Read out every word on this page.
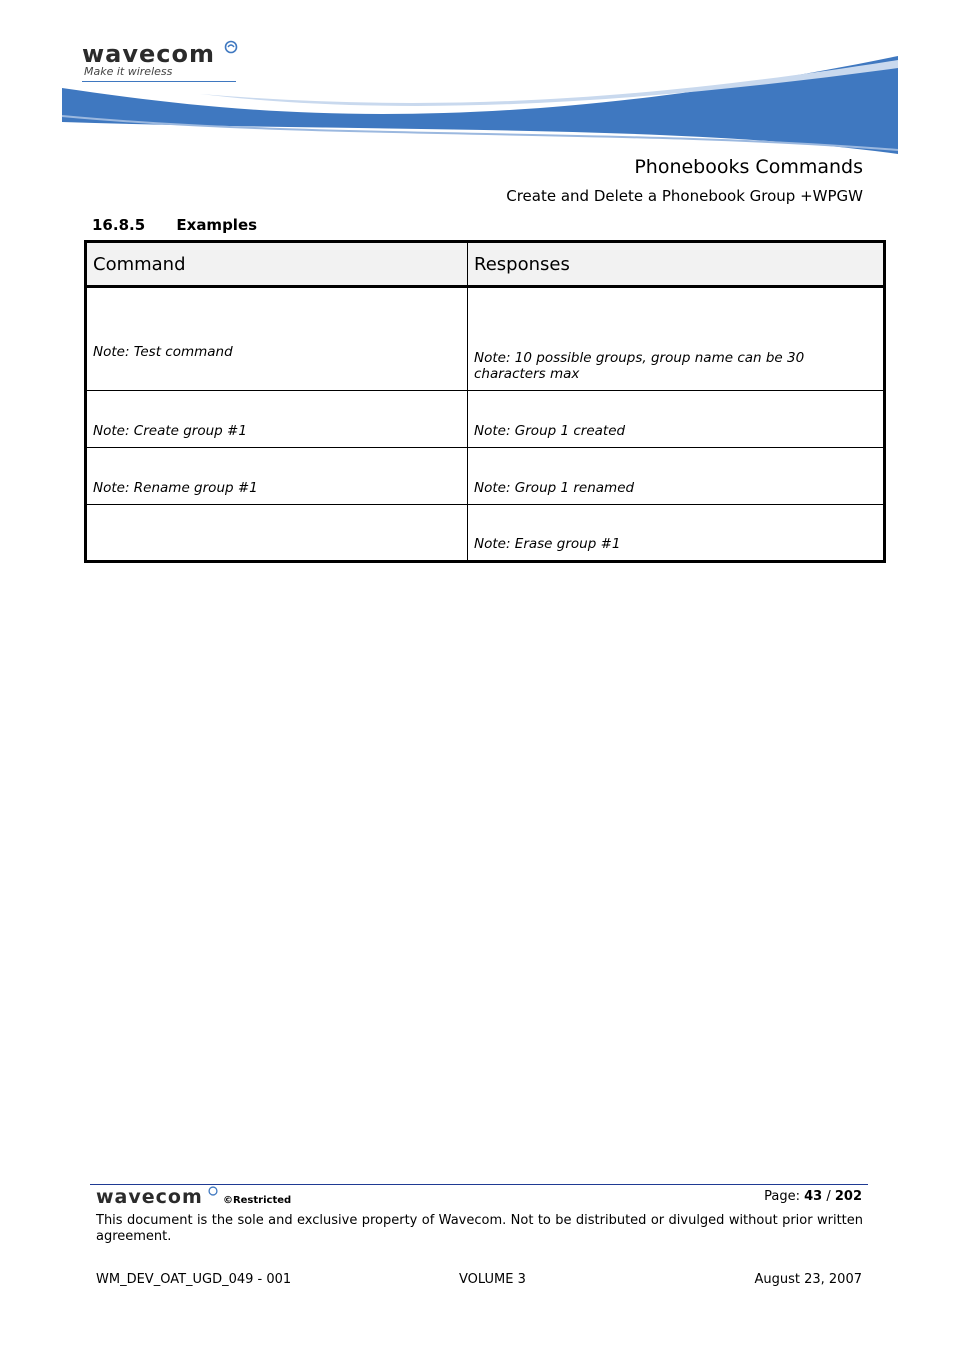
wavecom
Make it wireless
Phonebooks Commands
Create and Delete a Phonebook Group +WPGW
16.8.5 Examples
Command	Responses
Note: Test command	Note: 10 possible groups, group name can be 30 characters max
Note: Create group #1	Note: Group 1 created
Note: Rename group #1	Note: Group 1 renamed
	Note: Erase group #1
wavecom ©Restricted	Page: 43 / 202
This document is the sole and exclusive property of Wavecom. Not to be distributed or divulged without prior written agreement.
WM_DEV_OAT_UGD_049 - 001	VOLUME 3	August 23, 2007
